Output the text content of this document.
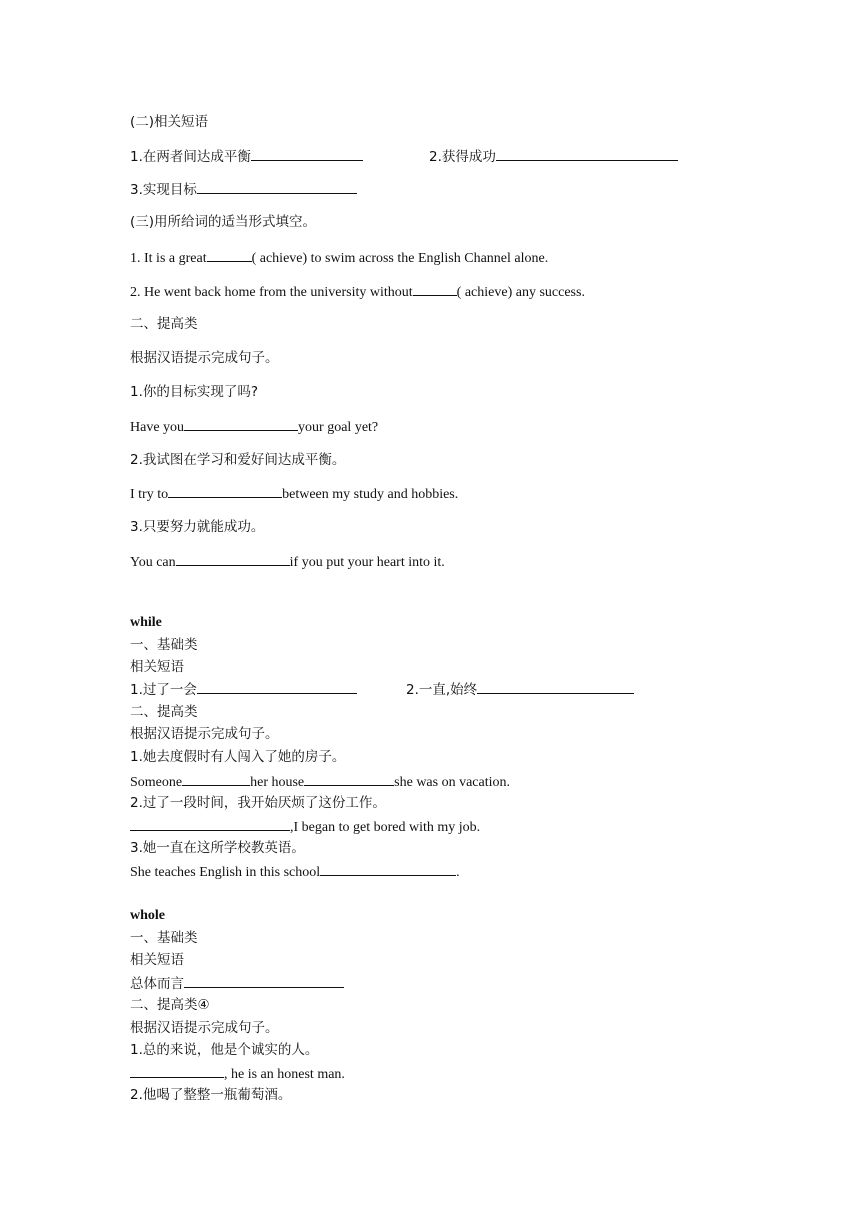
(二)相关短语
1.在两者间达成平衡	2.获得成功
3.实现目标
(三)用所给词的适当形式填空。
1. It is a great	( achieve) to swim across the English Channel alone.
2. He went back home from the university without	( achieve) any success.
二、提高类
根据汉语提示完成句子。
1.你的目标实现了吗?
Have you	your goal yet?
2.我试图在学习和爱好间达成平衡。
I try to	between my study and hobbies.
3.只要努力就能成功。
You can	if you put your heart into it.
while
一、基础类
相关短语
1.过了一会	2.一直,始终
二、提高类
根据汉语提示完成句子。
1.她去度假时有人闯入了她的房子。
Someone	her house	she was on vacation.
2.过了一段时间，我开始厌烦了这份工作。
,I began to get bored with my job.
3.她一直在这所学校教英语。
She teaches English in this school	.
whole
一、基础类
相关短语
总体而言
二、提高类④
根据汉语提示完成句子。
1.总的来说，他是个诚实的人。
, he is an honest man.
2.他喝了整整一瓶葡萄酒。
